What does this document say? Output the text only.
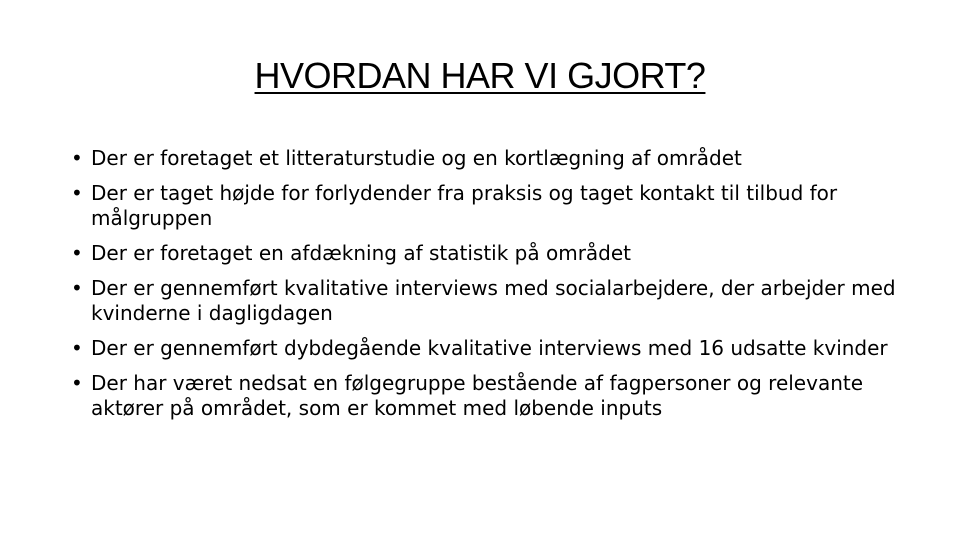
HVORDAN HAR VI GJORT?
• Der er foretaget et litteraturstudie og en kortlægning af området
• Der er taget højde for forlydender fra praksis og taget kontakt til tilbud for målgruppen
• Der er foretaget en afdækning af statistik på området
• Der er gennemført kvalitative interviews med socialarbejdere, der arbejder med kvinderne i dagligdagen
• Der er gennemført dybdegående kvalitative interviews med 16 udsatte kvinder
• Der har været nedsat en følgegruppe bestående af fagpersoner og relevante aktører på området, som er kommet med løbende inputs
